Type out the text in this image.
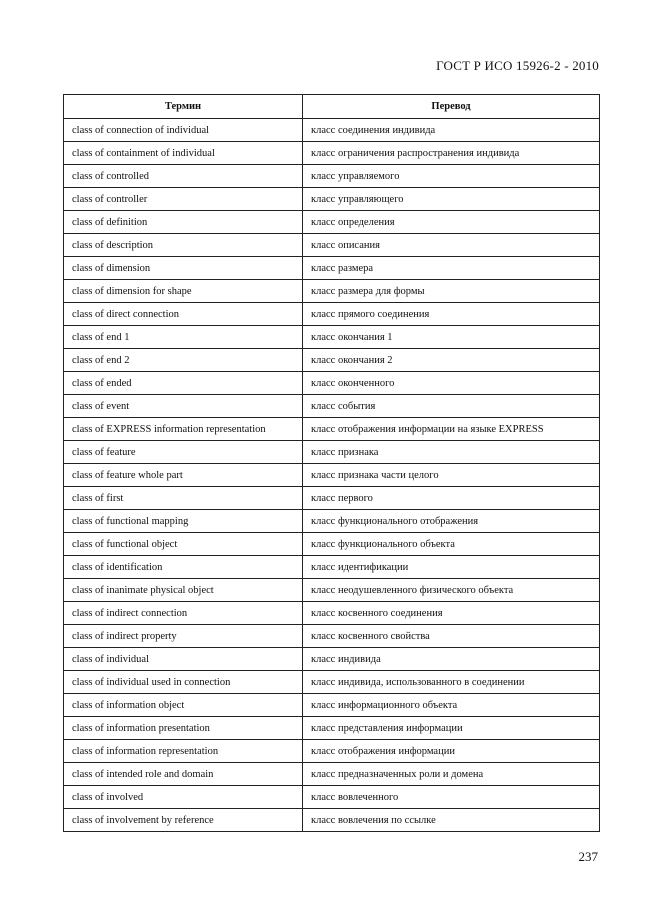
ГОСТ Р ИСО 15926-2 - 2010
Термин	Перевод
class of connection of individual	класс соединения индивида
class of containment of individual	класс ограничения распространения индивида
class of controlled	класс управляемого
class of controller	класс управляющего
class of definition	класс определения
class of description	класс описания
class of dimension	класс размера
class of dimension for shape	класс размера для формы
class of direct connection	класс прямого соединения
class of end 1	класс окончания 1
class of end 2	класс окончания 2
class of ended	класс оконченного
class of event	класс события
class of EXPRESS information representation	класс отображения информации на языке EXPRESS
class of feature	класс признака
class of feature whole part	класс признака части целого
class of first	класс первого
class of functional mapping	класс функционального отображения
class of functional object	класс функционального объекта
class of identification	класс идентификации
class of inanimate physical object	класс неодушевленного физического объекта
class of indirect connection	класс косвенного соединения
class of indirect property	класс косвенного свойства
class of individual	класс индивида
class of individual used in connection	класс индивида, использованного в соединении
class of information object	класс информационного объекта
class of information presentation	класс представления информации
class of information representation	класс отображения информации
class of intended role and domain	класс предназначенных роли и домена
class of involved	класс вовлеченного
class of involvement by reference	класс вовлечения по ссылке
237
